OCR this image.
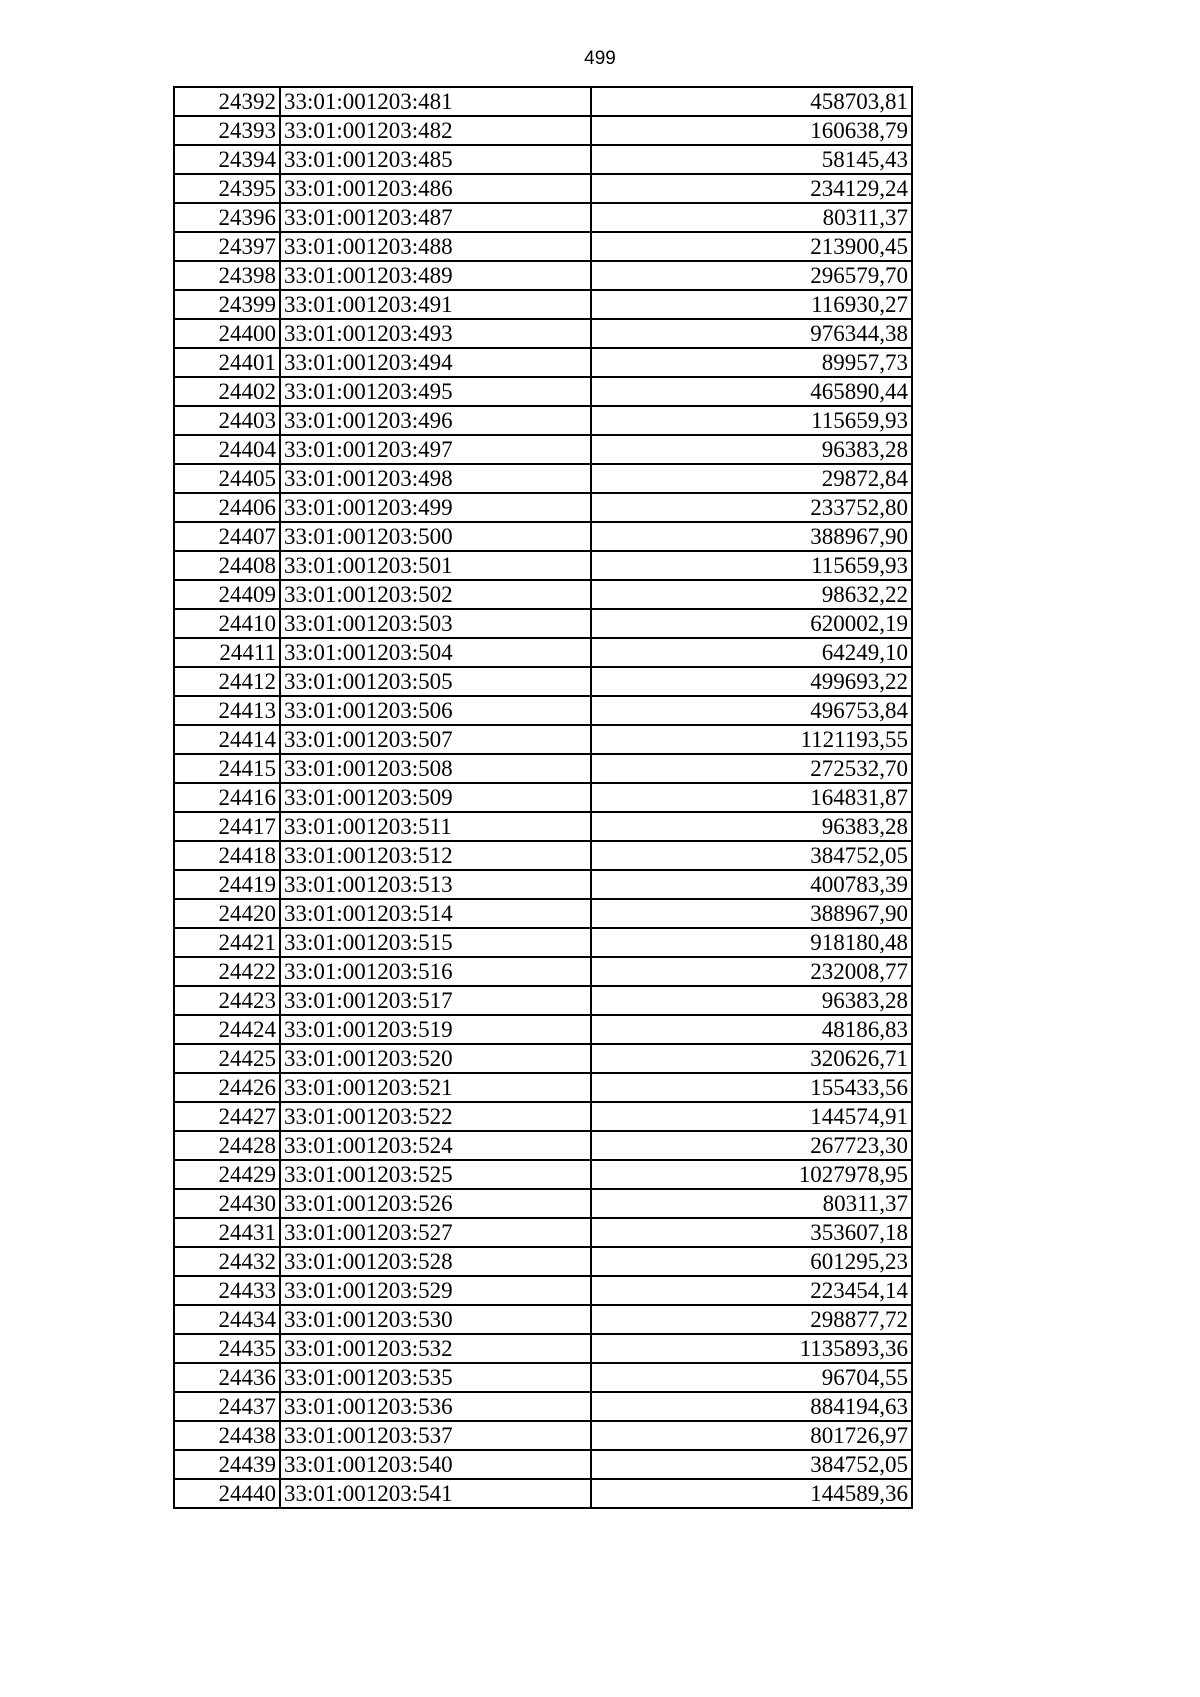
499
24392	33:01:001203:481	458703,81
24393	33:01:001203:482	160638,79
24394	33:01:001203:485	58145,43
24395	33:01:001203:486	234129,24
24396	33:01:001203:487	80311,37
24397	33:01:001203:488	213900,45
24398	33:01:001203:489	296579,70
24399	33:01:001203:491	116930,27
24400	33:01:001203:493	976344,38
24401	33:01:001203:494	89957,73
24402	33:01:001203:495	465890,44
24403	33:01:001203:496	115659,93
24404	33:01:001203:497	96383,28
24405	33:01:001203:498	29872,84
24406	33:01:001203:499	233752,80
24407	33:01:001203:500	388967,90
24408	33:01:001203:501	115659,93
24409	33:01:001203:502	98632,22
24410	33:01:001203:503	620002,19
24411	33:01:001203:504	64249,10
24412	33:01:001203:505	499693,22
24413	33:01:001203:506	496753,84
24414	33:01:001203:507	1121193,55
24415	33:01:001203:508	272532,70
24416	33:01:001203:509	164831,87
24417	33:01:001203:511	96383,28
24418	33:01:001203:512	384752,05
24419	33:01:001203:513	400783,39
24420	33:01:001203:514	388967,90
24421	33:01:001203:515	918180,48
24422	33:01:001203:516	232008,77
24423	33:01:001203:517	96383,28
24424	33:01:001203:519	48186,83
24425	33:01:001203:520	320626,71
24426	33:01:001203:521	155433,56
24427	33:01:001203:522	144574,91
24428	33:01:001203:524	267723,30
24429	33:01:001203:525	1027978,95
24430	33:01:001203:526	80311,37
24431	33:01:001203:527	353607,18
24432	33:01:001203:528	601295,23
24433	33:01:001203:529	223454,14
24434	33:01:001203:530	298877,72
24435	33:01:001203:532	1135893,36
24436	33:01:001203:535	96704,55
24437	33:01:001203:536	884194,63
24438	33:01:001203:537	801726,97
24439	33:01:001203:540	384752,05
24440	33:01:001203:541	144589,36
